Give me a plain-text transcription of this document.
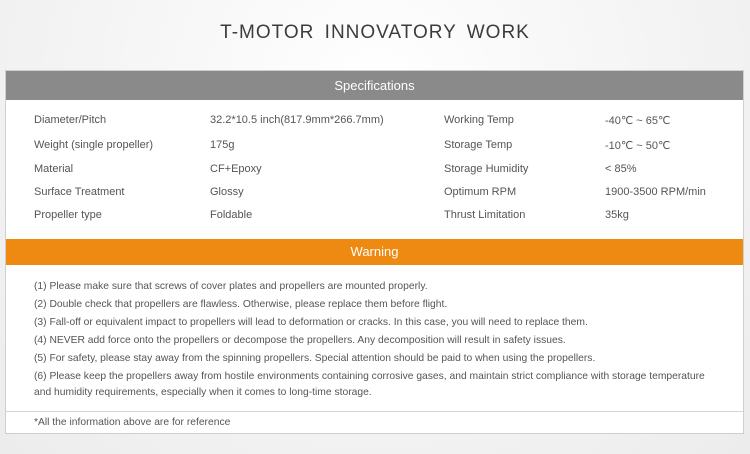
T-MOTOR INNOVATORY WORK
Specifications
Diameter/Pitch	32.2*10.5 inch(817.9mm*266.7mm)	Working Temp	-40℃ ~ 65℃
Weight (single propeller)	175g	Storage Temp	-10℃ ~ 50℃
Material	CF+Epoxy	Storage Humidity	< 85%
Surface Treatment	Glossy	Optimum RPM	1900-3500 RPM/min
Propeller type	Foldable	Thrust Limitation	35kg
Warning
(1) Please make sure that screws of cover plates and propellers are mounted properly.
(2) Double check that propellers are flawless. Otherwise, please replace them before flight.
(3) Fall-off or equivalent impact to propellers will lead to deformation or cracks. In this case, you will need to replace them.
(4) NEVER add force onto the propellers or decompose the propellers. Any decomposition will result in safety issues.
(5) For safety, please stay away from the spinning propellers. Special attention should be paid to when using the propellers.
(6) Please keep the propellers away from hostile environments containing corrosive gases, and maintain strict compliance with storage temperature and humidity requirements, especially when it comes to long-time storage.
*All the information above are for reference
